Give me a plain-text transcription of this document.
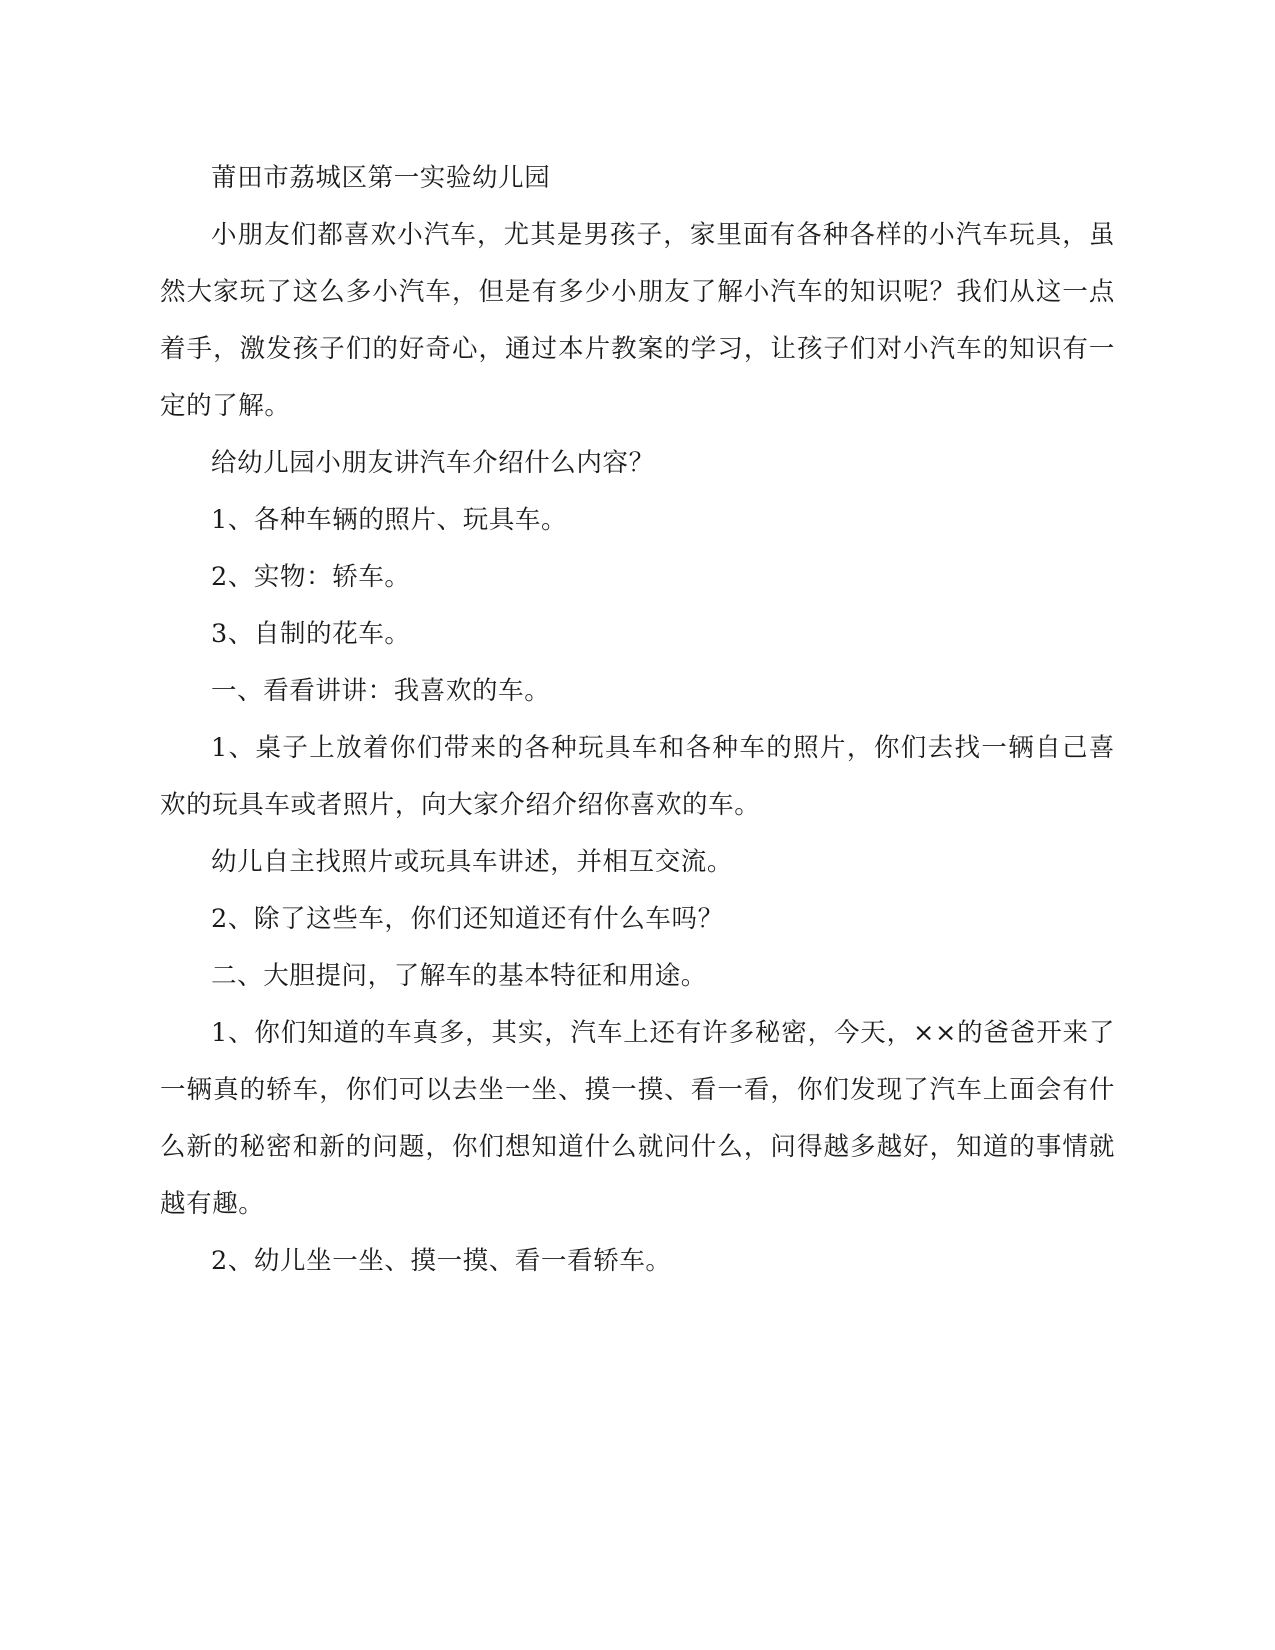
莆田市荔城区第一实验幼儿园

小朋友们都喜欢小汽车，尤其是男孩子，家里面有各种各样的小汽车玩具，虽然大家玩了这么多小汽车，但是有多少小朋友了解小汽车的知识呢？我们从这一点着手，激发孩子们的好奇心，通过本片教案的学习，让孩子们对小汽车的知识有一定的了解。

给幼儿园小朋友讲汽车介绍什么内容？

1、各种车辆的照片、玩具车。

2、实物：轿车。

3、自制的花车。

一、看看讲讲：我喜欢的车。

1、桌子上放着你们带来的各种玩具车和各种车的照片，你们去找一辆自己喜欢的玩具车或者照片，向大家介绍介绍你喜欢的车。

幼儿自主找照片或玩具车讲述，并相互交流。

2、除了这些车，你们还知道还有什么车吗？

二、大胆提问，了解车的基本特征和用途。

1、你们知道的车真多，其实，汽车上还有许多秘密，今天，××的爸爸开来了一辆真的轿车，你们可以去坐一坐、摸一摸、看一看，你们发现了汽车上面会有什么新的秘密和新的问题，你们想知道什么就问什么，问得越多越好，知道的事情就越有趣。

2、幼儿坐一坐、摸一摸、看一看轿车。
